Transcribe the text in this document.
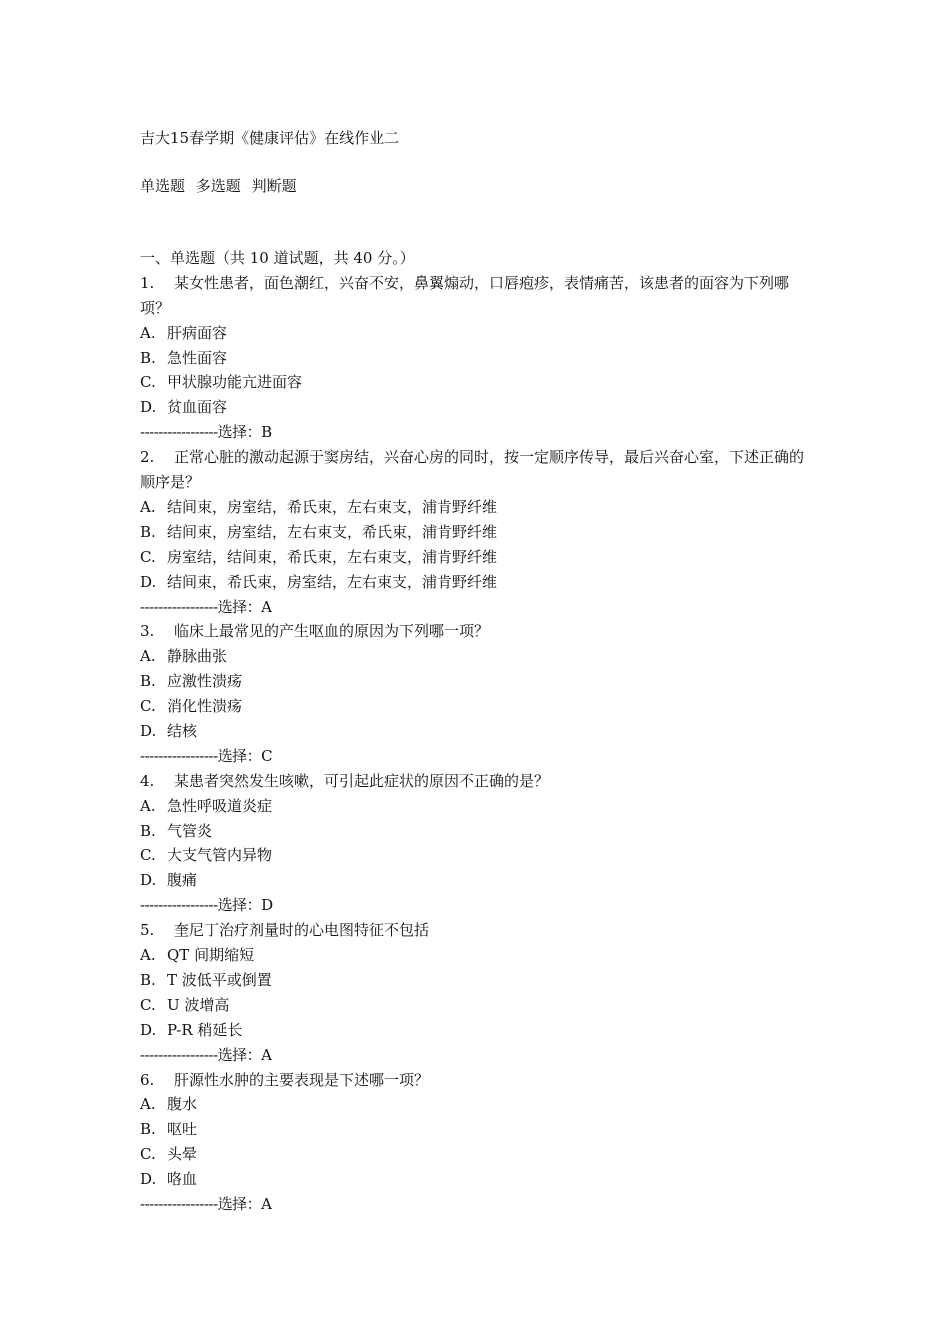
吉大15春学期《健康评估》在线作业二
单选题 多选题 判断题
一、单选题（共 10 道试题，共 40 分。）
1. 某女性患者，面色潮红，兴奋不安，鼻翼煽动，口唇疱疹，表情痛苦，该患者的面容为下列哪项？
A. 肝病面容
B. 急性面容
C. 甲状腺功能亢进面容
D. 贫血面容
-----------------选择：B
2. 正常心脏的激动起源于窦房结，兴奋心房的同时，按一定顺序传导，最后兴奋心室，下述正确的顺序是？
A. 结间束，房室结，希氏束，左右束支，浦肯野纤维
B. 结间束，房室结，左右束支，希氏束，浦肯野纤维
C. 房室结，结间束，希氏束，左右束支，浦肯野纤维
D. 结间束，希氏束，房室结，左右束支，浦肯野纤维
-----------------选择：A
3. 临床上最常见的产生呕血的原因为下列哪一项？
A. 静脉曲张
B. 应激性溃疡
C. 消化性溃疡
D. 结核
-----------------选择：C
4. 某患者突然发生咳嗽，可引起此症状的原因不正确的是？
A. 急性呼吸道炎症
B. 气管炎
C. 大支气管内异物
D. 腹痛
-----------------选择：D
5. 奎尼丁治疗剂量时的心电图特征不包括
A. QT 间期缩短
B. T 波低平或倒置
C. U 波增高
D. P-R 稍延长
-----------------选择：A
6. 肝源性水肿的主要表现是下述哪一项？
A. 腹水
B. 呕吐
C. 头晕
D. 咯血
-----------------选择：A
